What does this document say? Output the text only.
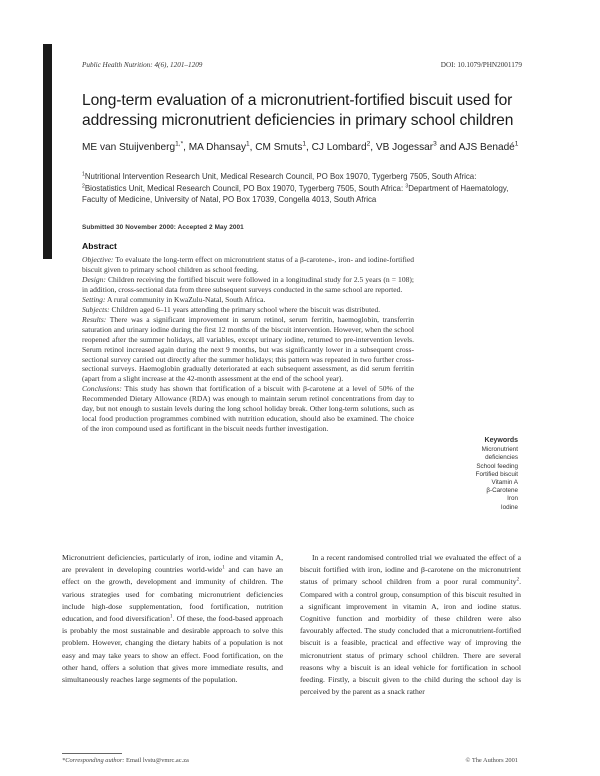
Public Health Nutrition: 4(6), 1201–1209	DOI: 10.1079/PHN2001179
Long-term evaluation of a micronutrient-fortified biscuit used for addressing micronutrient deficiencies in primary school children
ME van Stuijvenberg$^{1,*}$, MA Dhansay$^1$, CM Smuts$^1$, CJ Lombard$^2$, VB Jogessar$^3$ and AJS Benadé$^1$
$^1$Nutritional Intervention Research Unit, Medical Research Council, PO Box 19070, Tygerberg 7505, South Africa: $^2$Biostatistics Unit, Medical Research Council, PO Box 19070, Tygerberg 7505, South Africa: $^3$Department of Haematology, Faculty of Medicine, University of Natal, PO Box 17039, Congella 4013, South Africa
Submitted 30 November 2000: Accepted 2 May 2001
Abstract

Objective: To evaluate the long-term effect on micronutrient status of a β-carotene-, iron- and iodine-fortified biscuit given to primary school children as school feeding.

Design: Children receiving the fortified biscuit were followed in a longitudinal study for 2.5 years (n = 108); in addition, cross-sectional data from three subsequent surveys conducted in the same school are reported.

Setting: A rural community in KwaZulu-Natal, South Africa.

Subjects: Children aged 6–11 years attending the primary school where the biscuit was distributed.

Results: There was a significant improvement in serum retinol, serum ferritin, haemoglobin, transferrin saturation and urinary iodine during the first 12 months of the biscuit intervention. However, when the school reopened after the summer holidays, all variables, except urinary iodine, returned to pre-intervention levels. Serum retinol increased again during the next 9 months, but was significantly lower in a subsequent cross-sectional survey carried out directly after the summer holidays; this pattern was repeated in two further cross-sectional surveys. Haemoglobin gradually deteriorated at each subsequent assessment, as did serum ferritin (apart from a slight increase at the 42-month assessment at the end of the school year).

Conclusions: This study has shown that fortification of a biscuit with β-carotene at a level of 50% of the Recommended Dietary Allowance (RDA) was enough to maintain serum retinol concentrations from day to day, but not enough to sustain levels during the long school holiday break. Other long-term solutions, such as local food production programmes combined with nutrition education, should also be examined. The choice of the iron compound used as fortificant in the biscuit needs further investigation.

Keywords
Micronutrient deficiencies
School feeding
Fortified biscuit
Vitamin A
β-Carotene
Iron
Iodine

Micronutrient deficiencies, particularly of iron, iodine and vitamin A, are prevalent in developing countries world-wide$^1$ and can have an effect on the growth, development and immunity of children. The various strategies used for combating micronutrient deficiencies include high-dose supplementation, food fortification, nutrition education, and food diversification$^1$. Of these, the food-based approach is probably the most sustainable and desirable approach to solve this problem. However, changing the dietary habits of a population is not easy and may take years to show an effect. Food fortification, on the other hand, offers a solution that gives more immediate results, and simultaneously reaches large segments of the population.

In a recent randomised controlled trial we evaluated the effect of a biscuit fortified with iron, iodine and β-carotene on the micronutrient status of primary school children from a poor rural community$^2$. Compared with a control group, consumption of this biscuit resulted in a significant improvement in vitamin A, iron and iodine status. Cognitive function and morbidity of these children were also favourably affected. The study concluded that a micronutrient-fortified biscuit is a feasible, practical and effective way of improving the micronutrient status of primary school children. There are several reasons why a biscuit is an ideal vehicle for fortification in school feeding. Firstly, a biscuit given to the child during the school day is perceived by the parent as a snack rather

*Corresponding author: Email lvstu@vmrc.ac.za	© The Authors 2001
